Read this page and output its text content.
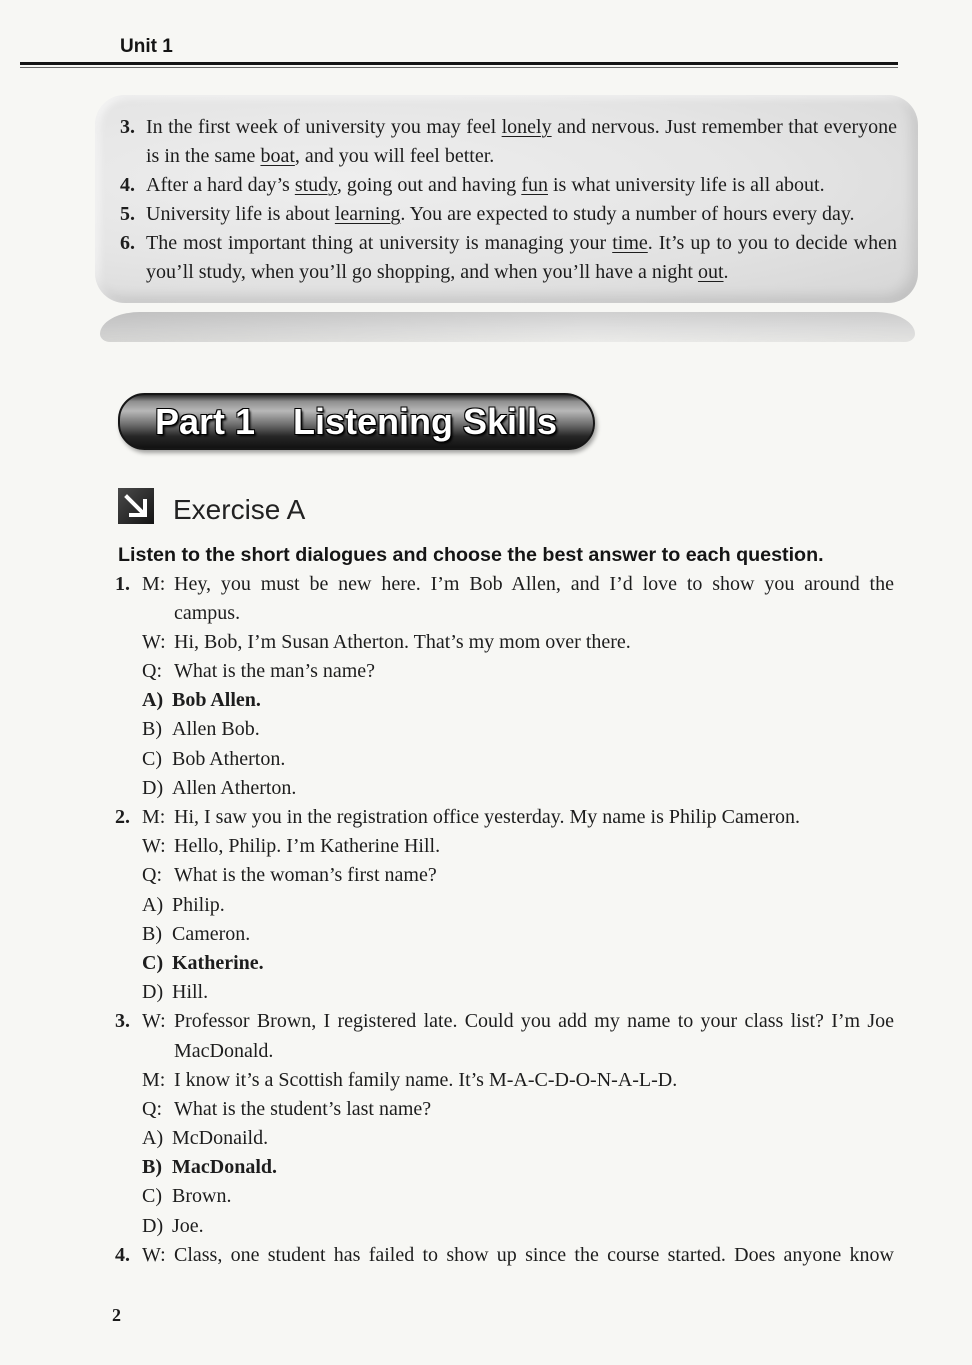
Unit 1
3. In the first week of university you may feel lonely and nervous. Just remember that everyone
is in the same boat, and you will feel better.
4. After a hard day’s study, going out and having fun is what university life is all about.
5. University life is about learning. You are expected to study a number of hours every day.
6. The most important thing at university is managing your time. It’s up to you to decide when
you’ll study, when you’ll go shopping, and when you’ll have a night out.
Part 1 Listening Skills
Exercise A
Listen to the short dialogues and choose the best answer to each question.
1. M: Hey, you must be new here. I’m Bob Allen, and I’d love to show you around the
campus.
W: Hi, Bob, I’m Susan Atherton. That’s my mom over there.
Q: What is the man’s name?
A) Bob Allen.
B) Allen Bob.
C) Bob Atherton.
D) Allen Atherton.
2. M: Hi, I saw you in the registration office yesterday. My name is Philip Cameron.
W: Hello, Philip. I’m Katherine Hill.
Q: What is the woman’s first name?
A) Philip.
B) Cameron.
C) Katherine.
D) Hill.
3. W: Professor Brown, I registered late. Could you add my name to your class list? I’m Joe
MacDonald.
M: I know it’s a Scottish family name. It’s M-A-C-D-O-N-A-L-D.
Q: What is the student’s last name?
A) McDonaild.
B) MacDonald.
C) Brown.
D) Joe.
4. W: Class, one student has failed to show up since the course started. Does anyone know
2
